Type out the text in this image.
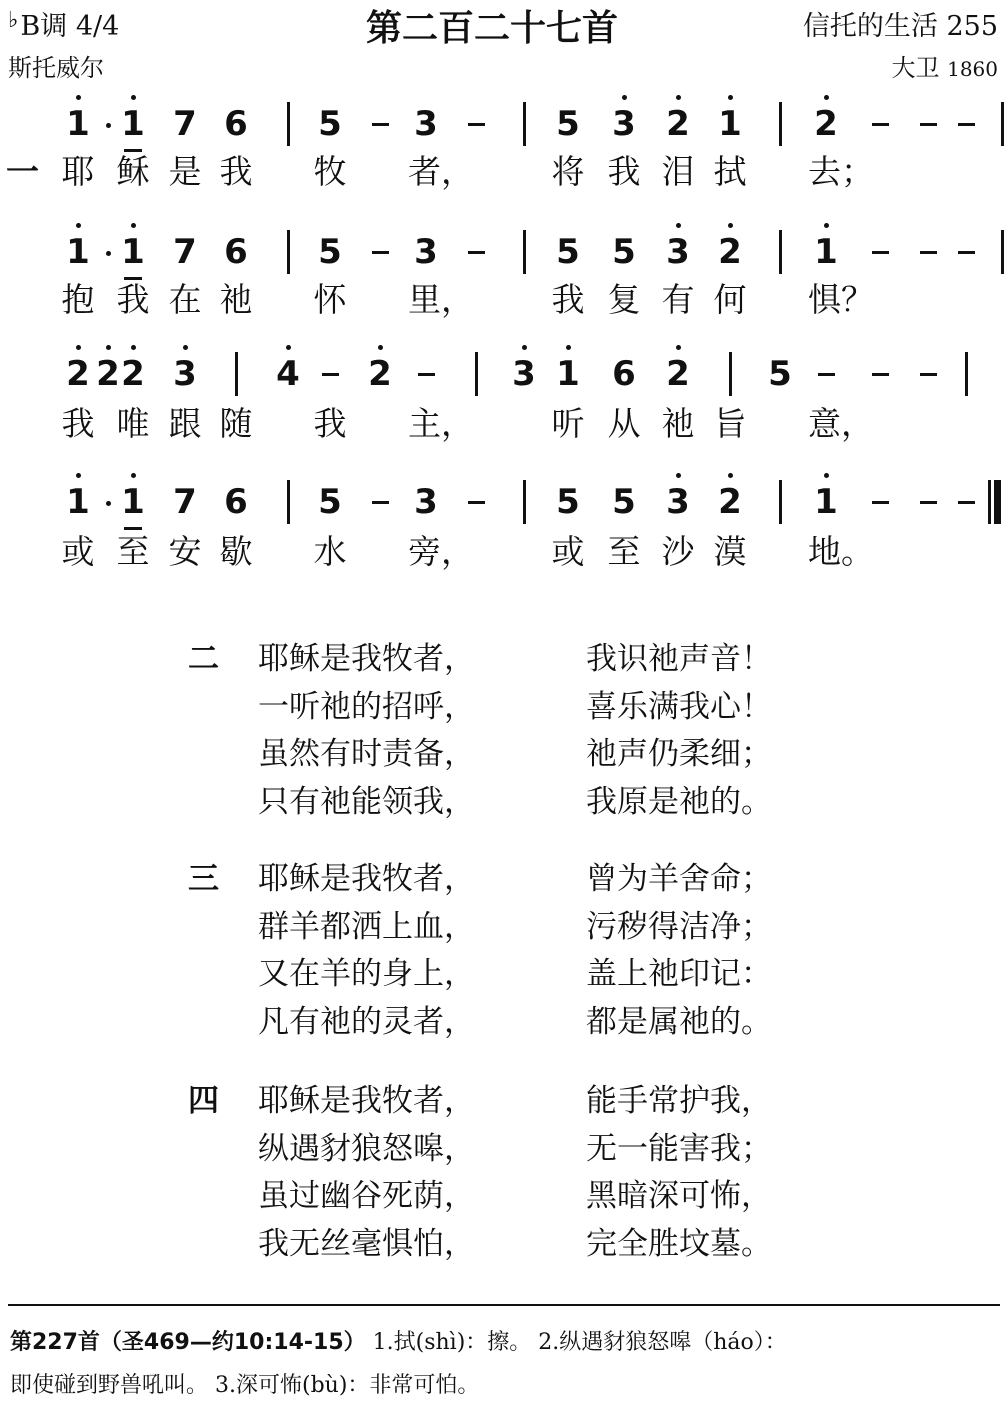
♭B调 4/4	第二百二十七首	信托的生活 255
斯托威尔	大卫 1860
1 1 7 6 5 3	5 3 2 1 2
一 耶 稣 是 我 牧 者， 将 我 泪 拭 去；
1 1 7 6 5 3	5 5 3 2 1
抱 我 在 祂 怀 里， 我 复 有 何 惧？
2 2 2 3 4 2	3 1 6 2 5
我 唯 跟 随 我 主， 听 从 祂 旨 意，
1 1 7 6 5 3	5 5 3 2 1
或 至 安 歇 水 旁， 或 至 沙 漠 地。
二 耶稣是我牧者，	我识祂声音！
一听祂的招呼，	喜乐满我心！
虽然有时责备，	祂声仍柔细；
只有祂能领我，	我原是祂的。
三 耶稣是我牧者，	曾为羊舍命；
群羊都洒上血，	污秽得洁净；
又在羊的身上，	盖上祂印记：
凡有祂的灵者，	都是属祂的。
四 耶稣是我牧者，	能手常护我，
纵遇豺狼怒嗥，	无一能害我；
虽过幽谷死荫，	黑暗深可怖，
我无丝毫惧怕，	完全胜坟墓。
第227首（圣469—约10:14-15） 1.拭(shì)：擦。 2.纵遇豺狼怒嗥（háo）：
即使碰到野兽吼叫。 3.深可怖(bù)：非常可怕。
